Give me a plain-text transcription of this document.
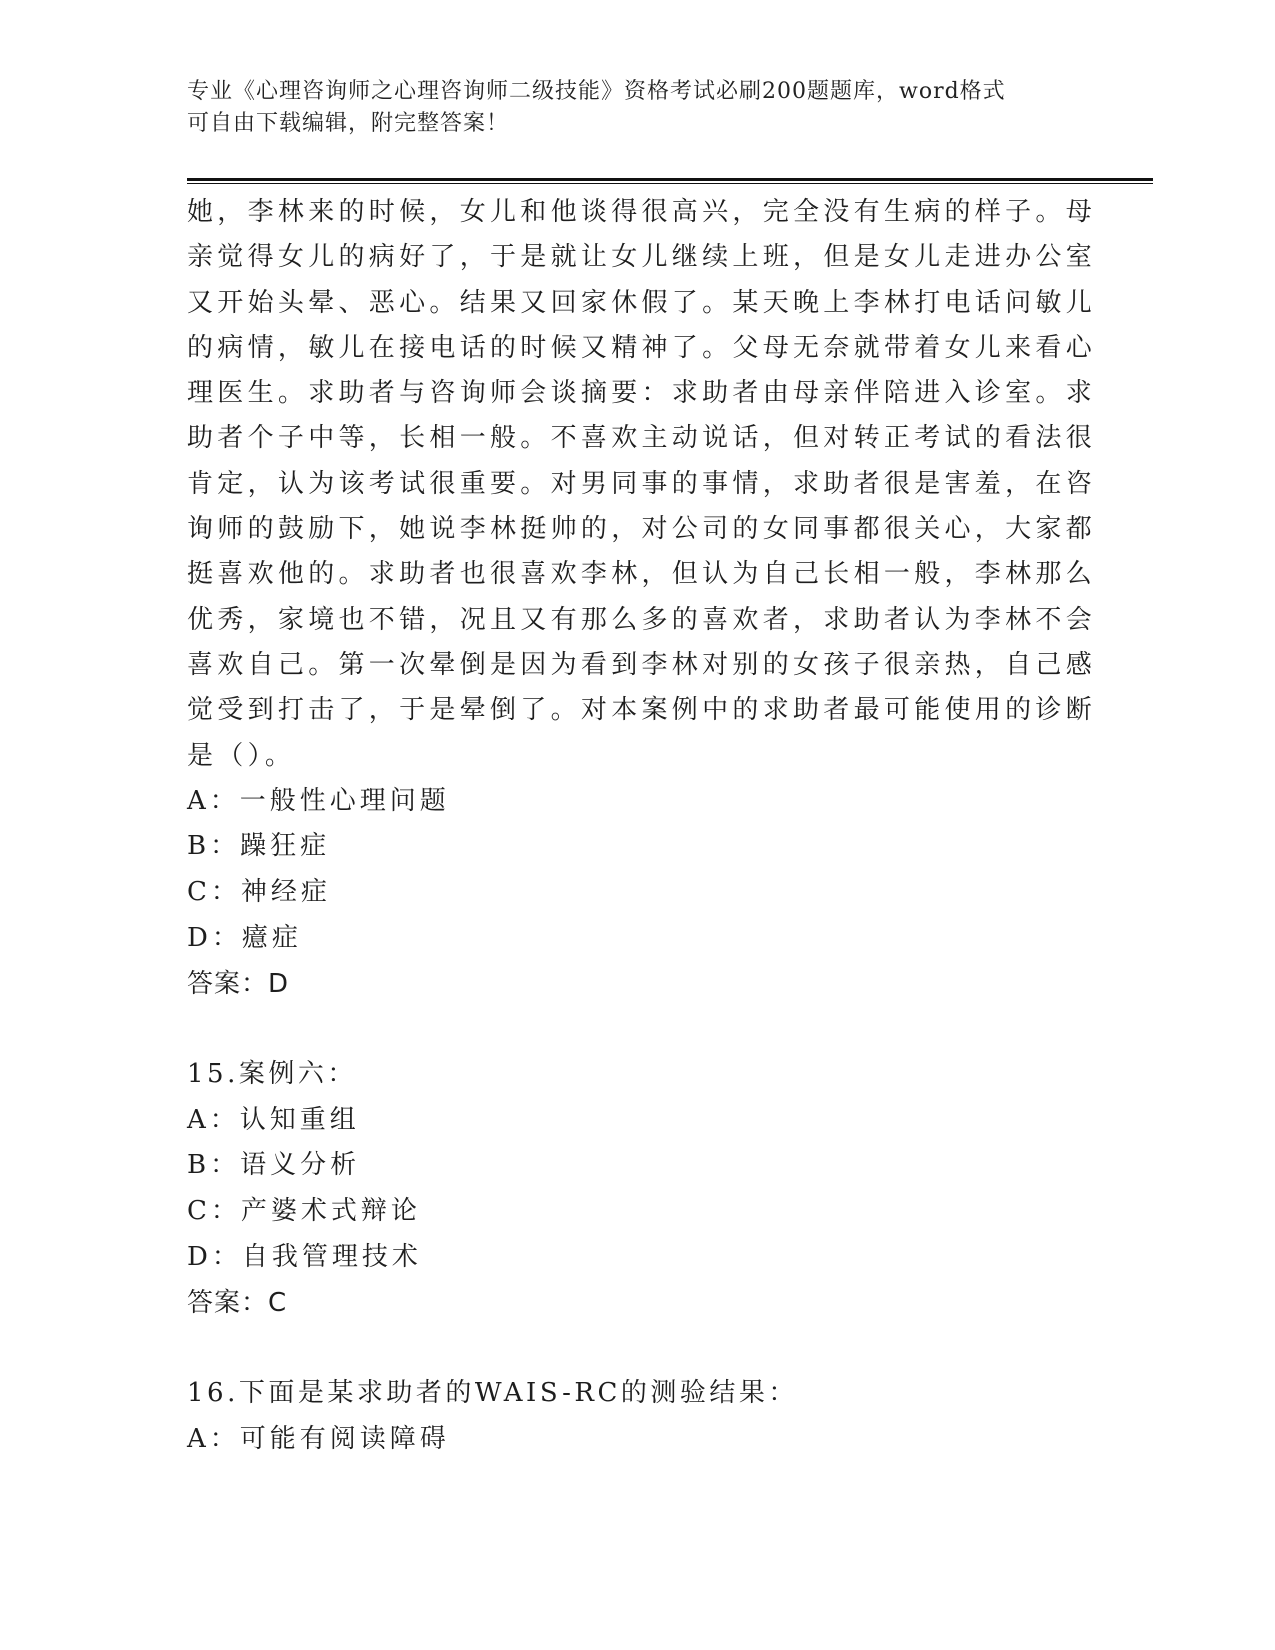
专业《心理咨询师之心理咨询师二级技能》资格考试必刷200题题库，word格式
可自由下载编辑，附完整答案！
她，李林来的时候，女儿和他谈得很高兴，完全没有生病的样子。母
亲觉得女儿的病好了，于是就让女儿继续上班，但是女儿走进办公室
又开始头晕、恶心。结果又回家休假了。某天晚上李林打电话问敏儿
的病情，敏儿在接电话的时候又精神了。父母无奈就带着女儿来看心
理医生。求助者与咨询师会谈摘要：求助者由母亲伴陪进入诊室。求
助者个子中等，长相一般。不喜欢主动说话，但对转正考试的看法很
肯定，认为该考试很重要。对男同事的事情，求助者很是害羞，在咨
询师的鼓励下，她说李林挺帅的，对公司的女同事都很关心，大家都
挺喜欢他的。求助者也很喜欢李林，但认为自己长相一般，李林那么
优秀，家境也不错，况且又有那么多的喜欢者，求助者认为李林不会
喜欢自己。第一次晕倒是因为看到李林对别的女孩子很亲热，自己感
觉受到打击了，于是晕倒了。对本案例中的求助者最可能使用的诊断
是（）。
A：一般性心理问题
B：躁狂症
C：神经症
D：癔症
答案：D
15.案例六：
A：认知重组
B：语义分析
C：产婆术式辩论
D：自我管理技术
答案：C
16.下面是某求助者的WAIS-RC的测验结果：
A：可能有阅读障碍
